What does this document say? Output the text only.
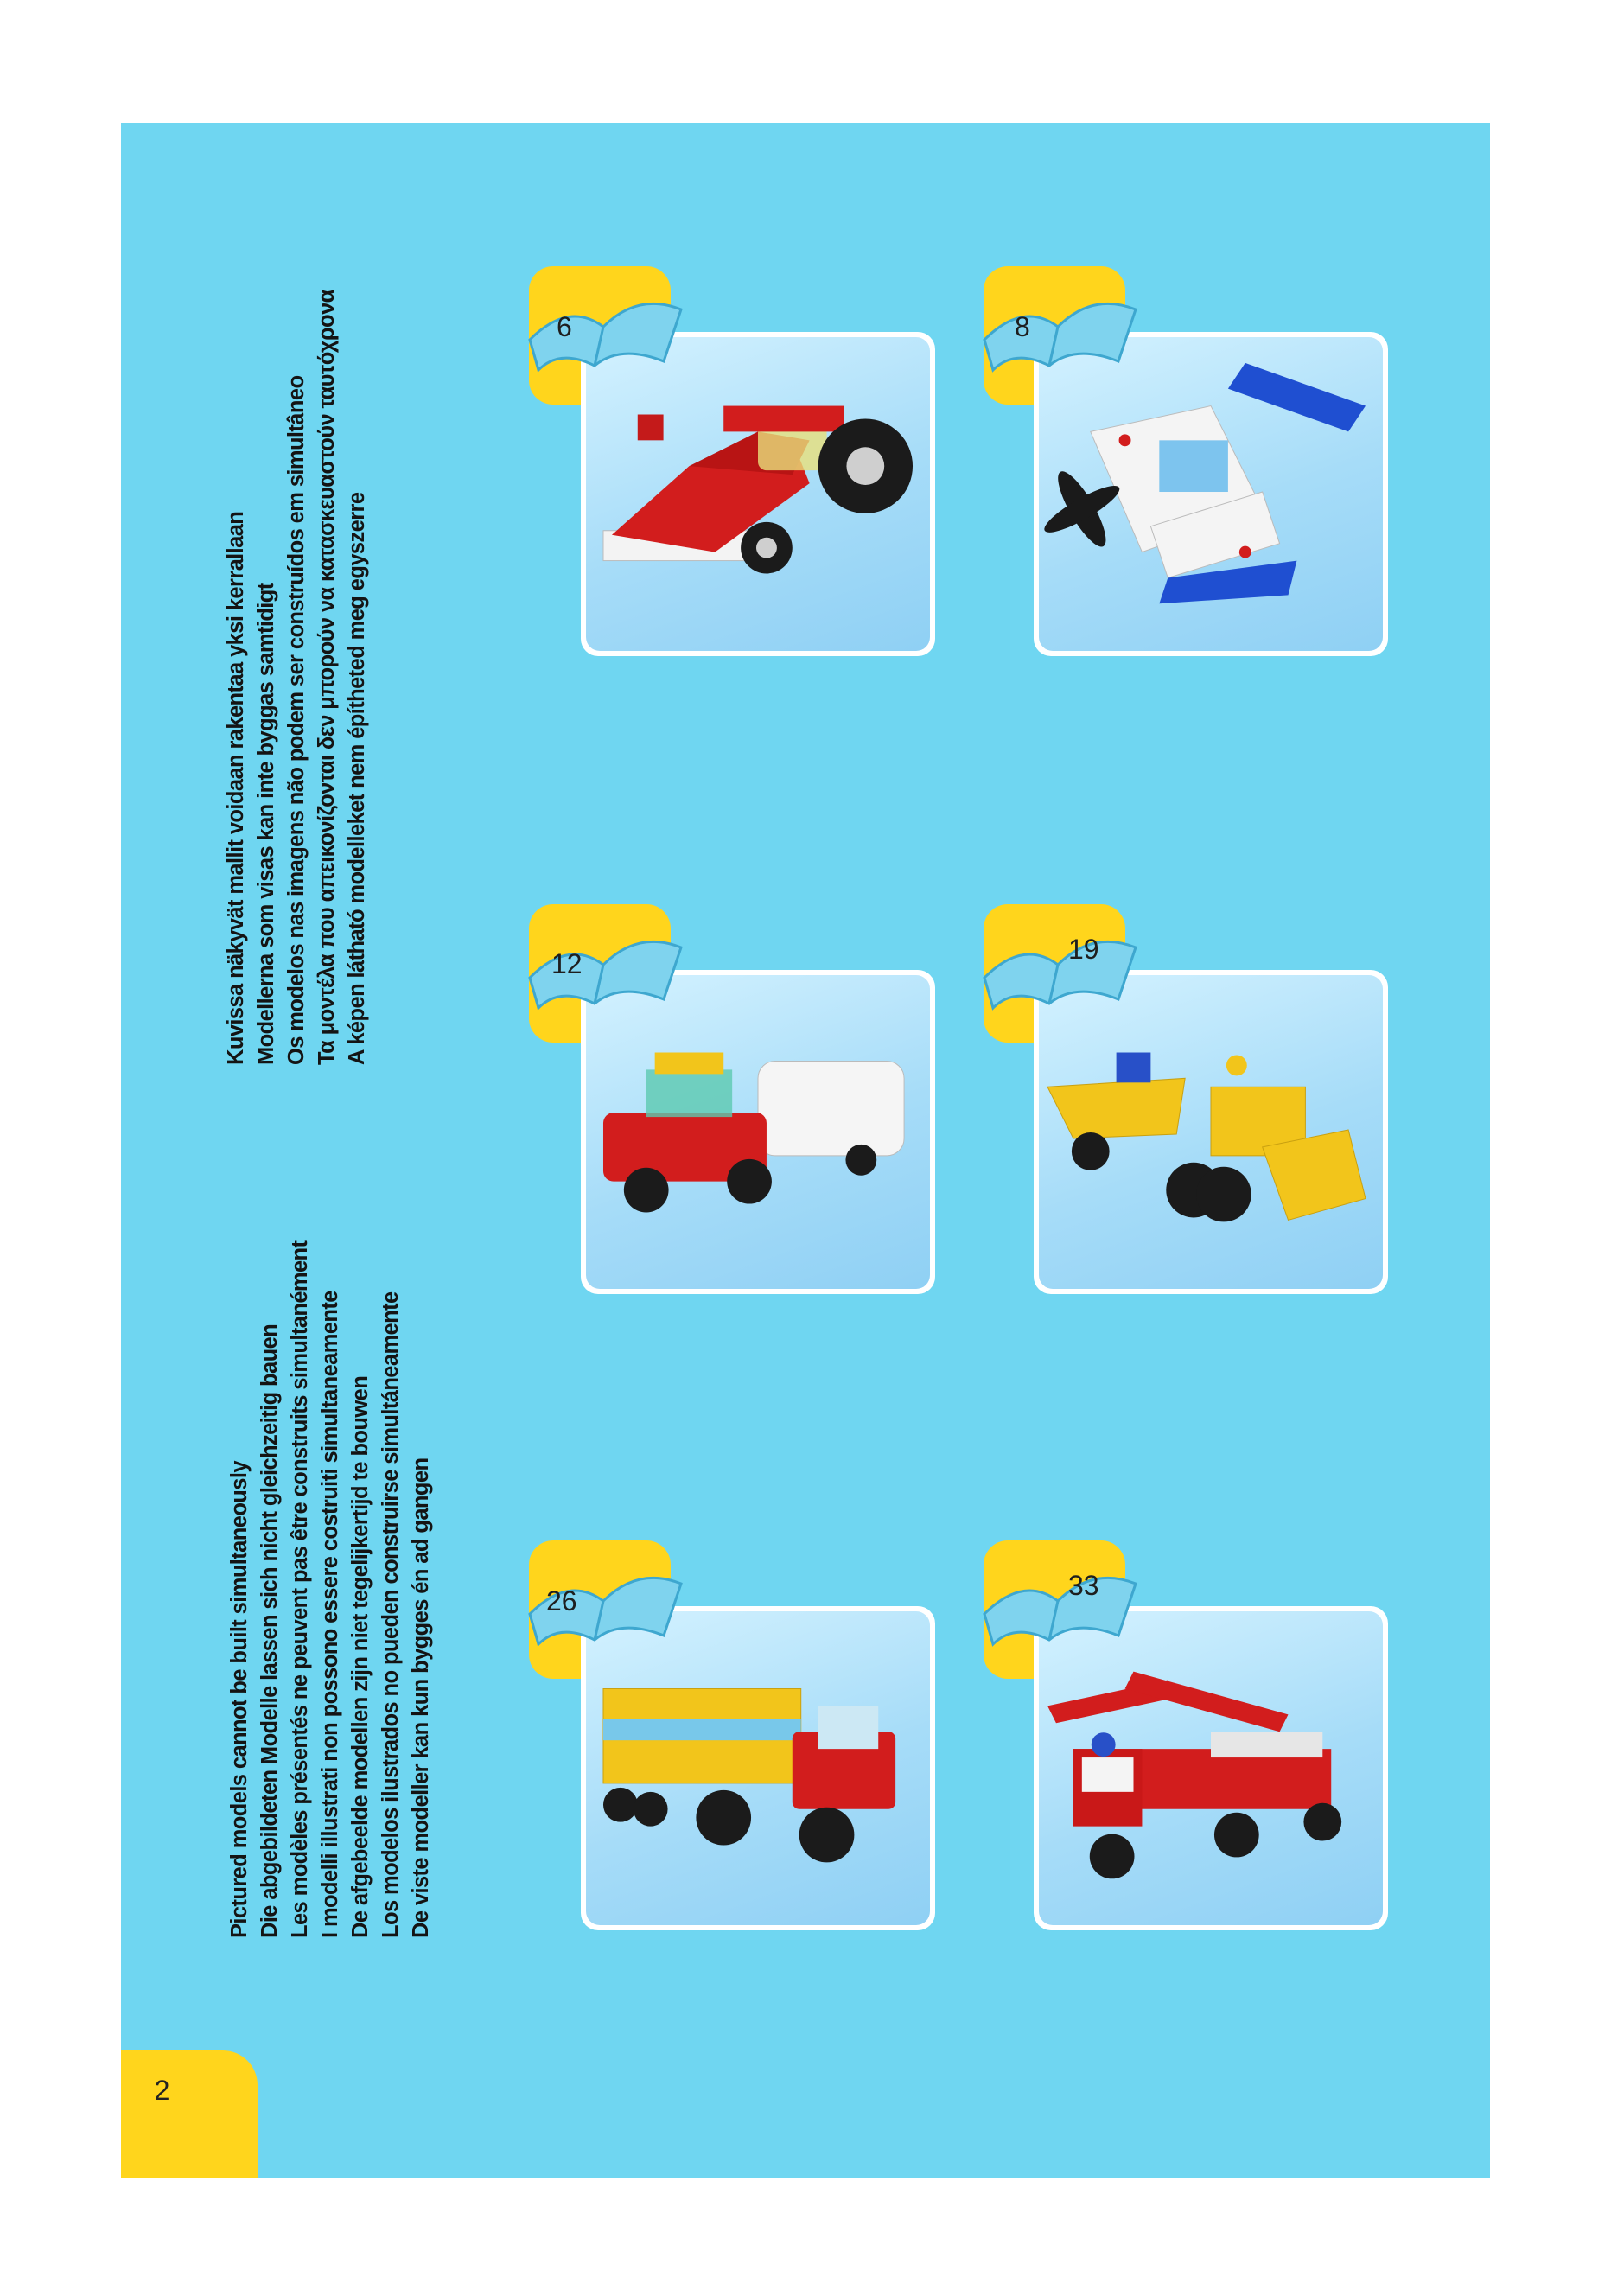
Pictured models cannot be built simultaneously Die abgebildeten Modelle lassen sich nicht gleichzeitig bauen Les modèles présentés ne peuvent pas être construits simultanément I modelli illustrati non possono essere costruiti simultaneamente De afgebeelde modellen zijn niet tegelijkertijd te bouwen Los modelos ilustrados no pueden construirse simultáneamente De viste modeller kan kun bygges én ad gangen
Kuvissa näkyvät mallit voidaan rakentaa yksi kerrallaan Modellerna som visas kan inte byggas samtidigt Os modelos nas imagens não podem ser construídos em simultâneo Τα μοντέλα που απεικονίζονται δεν μπορούν να κατασκευαστούν ταυτόχρονα A képen látható modelleket nem építheted meg egyszerre
6	8
12	19
26	33
2
